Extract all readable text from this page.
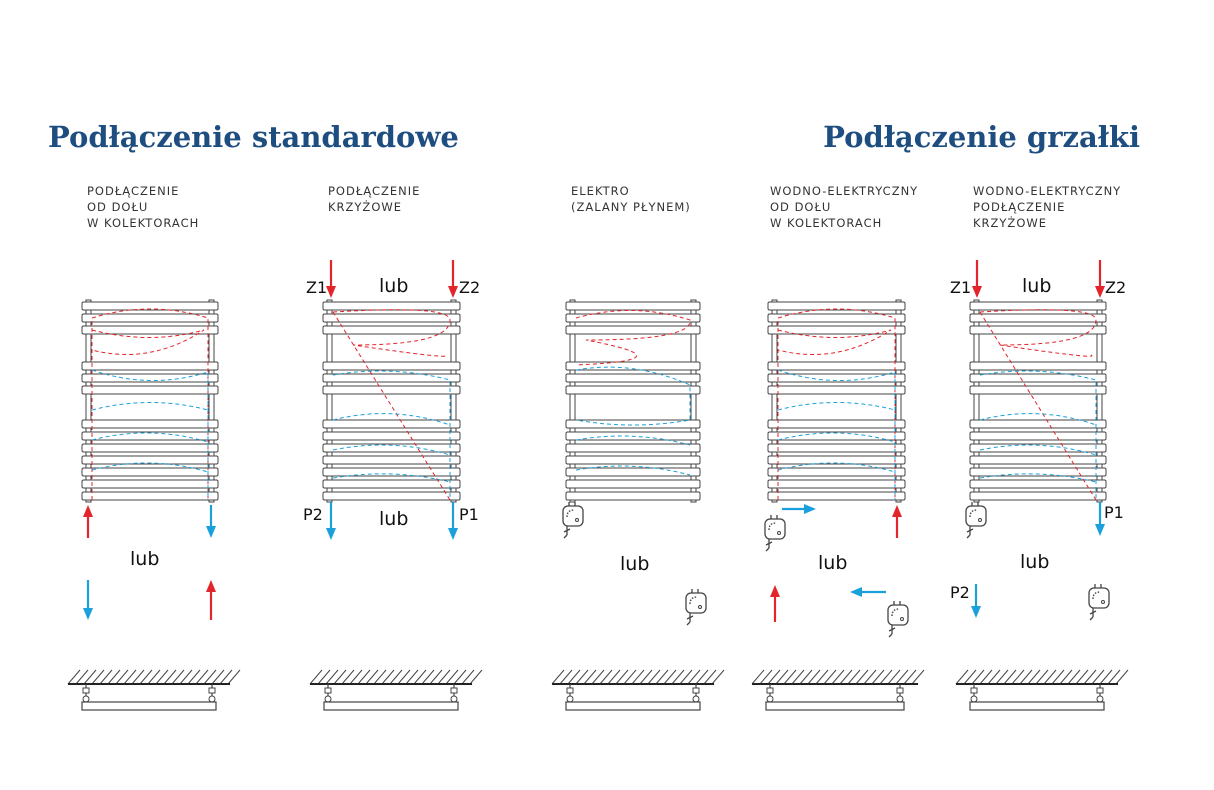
Podłączenie standardowe	Podłączenie grzałki
PODŁĄCZENIE
OD DOŁU
W KOLEKTORACH
PODŁĄCZENIE
KRZYŻOWE
ELEKTRO
(ZALANY PŁYNEM)
WODNO-ELEKTRYCZNY
OD DOŁU
W KOLEKTORACH
WODNO-ELEKTRYCZNY
PODŁĄCZENIE
KRZYŻOWE
lub
lub
lub
Z1	Z2
P2	P1
lub	lub
lub
lub
Z1	Z2
P1
P2
